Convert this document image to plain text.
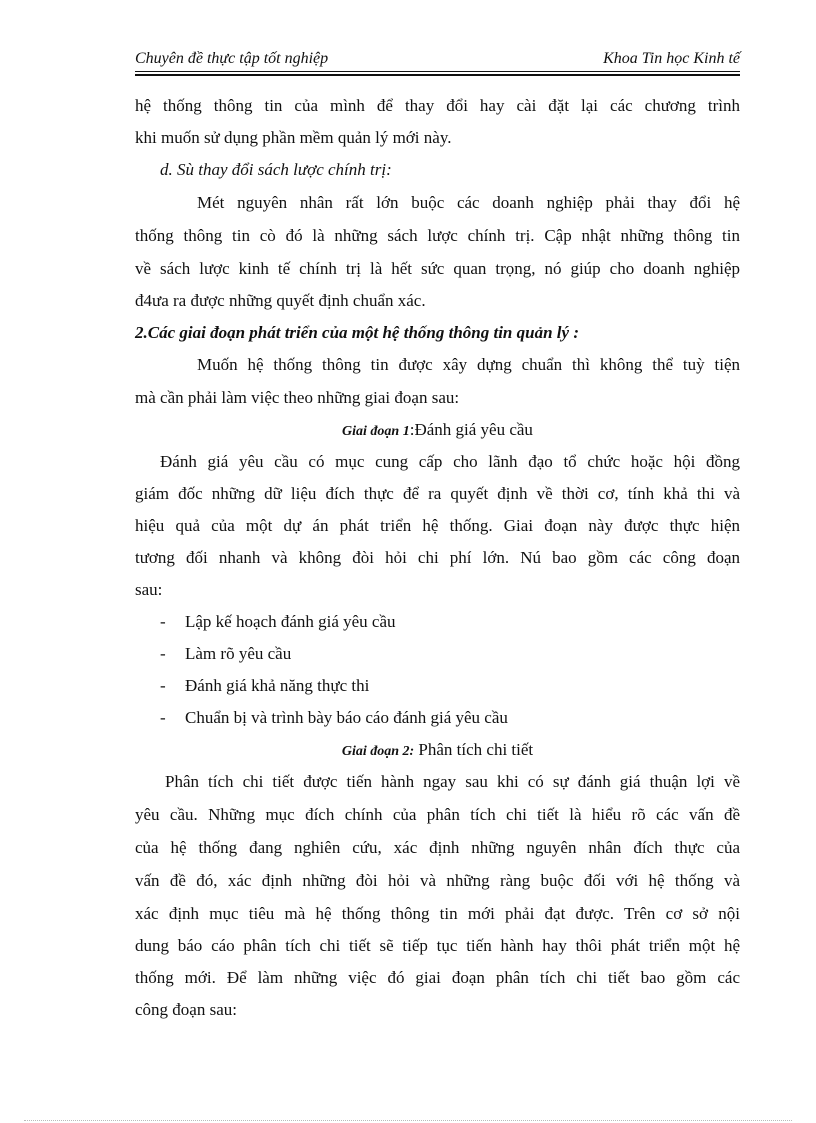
Chuyên đề thực tập tốt nghiệp	Khoa Tin học Kinh tế
hệ thống thông tin của mình để thay đổi hay cài đặt lại các chương trình
khi muốn sử dụng phần mềm quản lý mới này.
d. Sù thay đổi sách lược chính trị:
Mét nguyên nhân rất lớn buộc các doanh nghiệp phải thay đổi hệ
thống thông tin cò đó là những sách lược chính trị. Cập nhật những thông tin
về sách lược kinh tế chính trị là hết sức quan trọng, nó giúp cho doanh nghiệp
đ4ưa ra được những quyết định chuẩn xác.
2.Các giai đoạn phát triển của một hệ thống thông tin quản lý :
Muốn hệ thống thông tin được xây dựng chuẩn thì không thể tuỳ tiện
mà cần phải làm việc theo những giai đoạn sau:
Giai đoạn 1:Đánh giá yêu cầu
Đánh giá yêu cầu có mục cung cấp cho lãnh đạo tổ chức hoặc hội đồng
giám đốc những dữ liệu đích thực để ra quyết định về thời cơ, tính khả thi và
hiệu quả của một dự án phát triển hệ thống. Giai đoạn này được thực hiện
tương đối nhanh và không đòi hỏi chi phí lớn. Nú bao gồm các công đoạn
sau:
- Lập kế hoạch đánh giá yêu cầu
- Làm rõ yêu cầu
- Đánh giá khả năng thực thi
- Chuẩn bị và trình bày báo cáo đánh giá yêu cầu
Giai đoạn 2: Phân tích chi tiết
Phân tích chi tiết được tiến hành ngay sau khi có sự đánh giá thuận lợi về
yêu cầu. Những mục đích chính của phân tích chi tiết là hiểu rõ các vấn đề
của hệ thống đang nghiên cứu, xác định những nguyên nhân đích thực của
vấn đề đó, xác định những đòi hỏi và những ràng buộc đối với hệ thống và
xác định mục tiêu mà hệ thống thông tin mới phải đạt được. Trên cơ sở nội
dung báo cáo phân tích chi tiết sẽ tiếp tục tiến hành hay thôi phát triển một hệ
thống mới. Để làm những việc đó giai đoạn phân tích chi tiết bao gồm các
công đoạn sau:
